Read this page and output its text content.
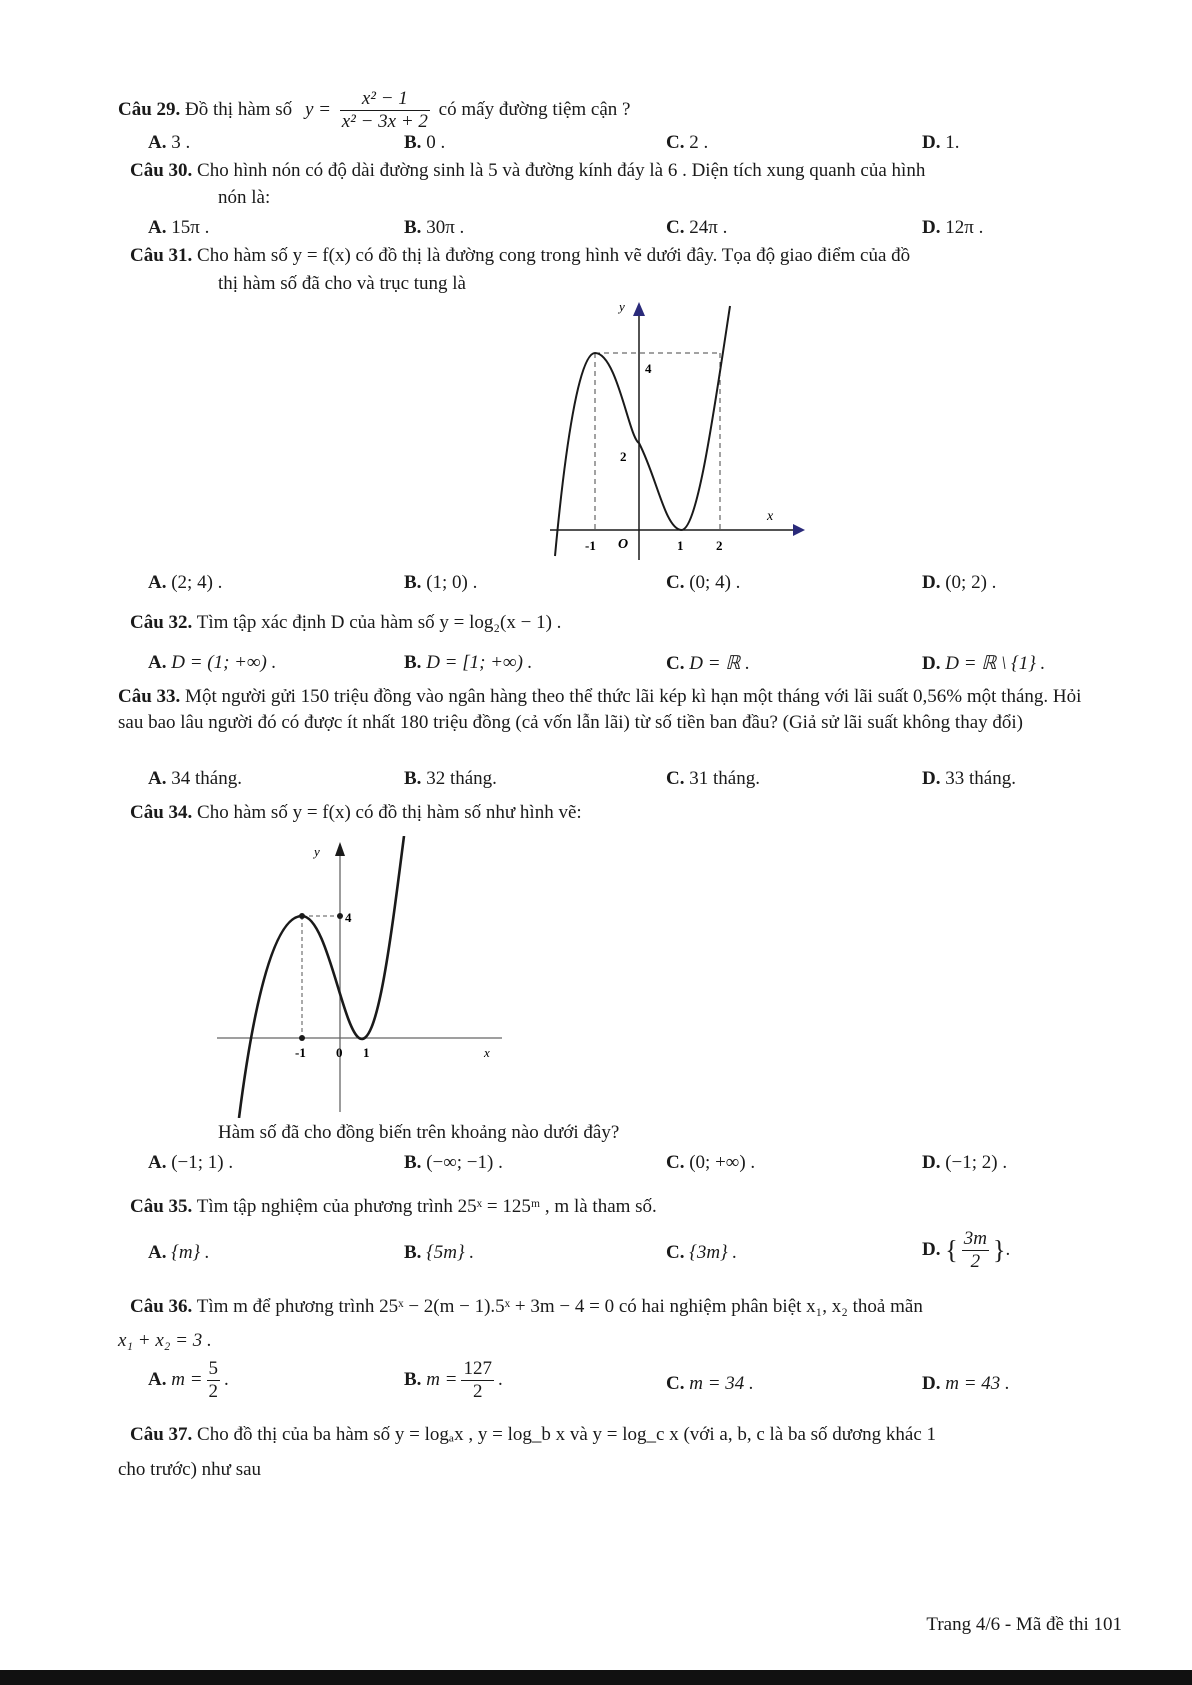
Câu 29. Đồ thị hàm số $y = \frac{\text{x² − 1}}{\text{x² − 3x + 2}}$ có mấy đường tiệm cận ?
A. 3 .	B. 0 .	C. 2 .	D. 1.
Câu 30. Cho hình nón có độ dài đường sinh là 5 và đường kính đáy là 6 . Diện tích xung quanh của hình
nón là:
A. 15π .	B. 30π .	C. 24π .	D. 12π .
Câu 31. Cho hàm số y = f(x) có đồ thị là đường cong trong hình vẽ dưới đây. Tọa độ giao điểm của đồ
thị hàm số đã cho và trục tung là
y
x
4
2
-1 O	1	2
A. (2; 4) .	B. (1; 0) .	C. (0; 4) .	D. (0; 2) .
Câu 32. Tìm tập xác định D của hàm số y = log₂(x − 1) .
A. D = (1; +∞) .	B. D = [1; +∞) .	C. D = ℝ .	D. D = ℝ \ {1} .
Câu 33. Một người gửi 150 triệu đồng vào ngân hàng theo thể thức lãi kép kì hạn một tháng với lãi suất 0,56% một tháng. Hỏi sau bao lâu người đó có được ít nhất 180 triệu đồng (cả vốn lẫn lãi) từ số tiền ban đầu? (Giả sử lãi suất không thay đổi)
A. 34 tháng.	B. 32 tháng.	C. 31 tháng.	D. 33 tháng.
Câu 34. Cho hàm số y = f(x) có đồ thị hàm số như hình vẽ:
y
4
-1 0 1	x
Hàm số đã cho đồng biến trên khoảng nào dưới đây?
A. (−1; 1) .	B. (−∞; −1) .	C. (0; +∞) .	D. (−1; 2) .
Câu 35. Tìm tập nghiệm của phương trình 25ˣ = 125ᵐ , m là tham số.
A. {m} .	B. {5m} .	C. {3m} .	D. { $\frac{3m}{2}$ }.
Câu 36. Tìm m để phương trình 25ˣ − 2(m − 1).5ˣ + 3m − 4 = 0 có hai nghiệm phân biệt x₁, x₂ thoả mãn
x₁ + x₂ = 3 .
A. $m = \frac{5}{2}$ .	B. $m = \frac{127}{2}$ .	C. m = 34 .	D. m = 43 .
Câu 37. Cho đồ thị của ba hàm số y = logₐx , y = log_b x và y = log_c x (với a, b, c là ba số dương khác 1
cho trước) như sau
Trang 4/6 - Mã đề thi 101
